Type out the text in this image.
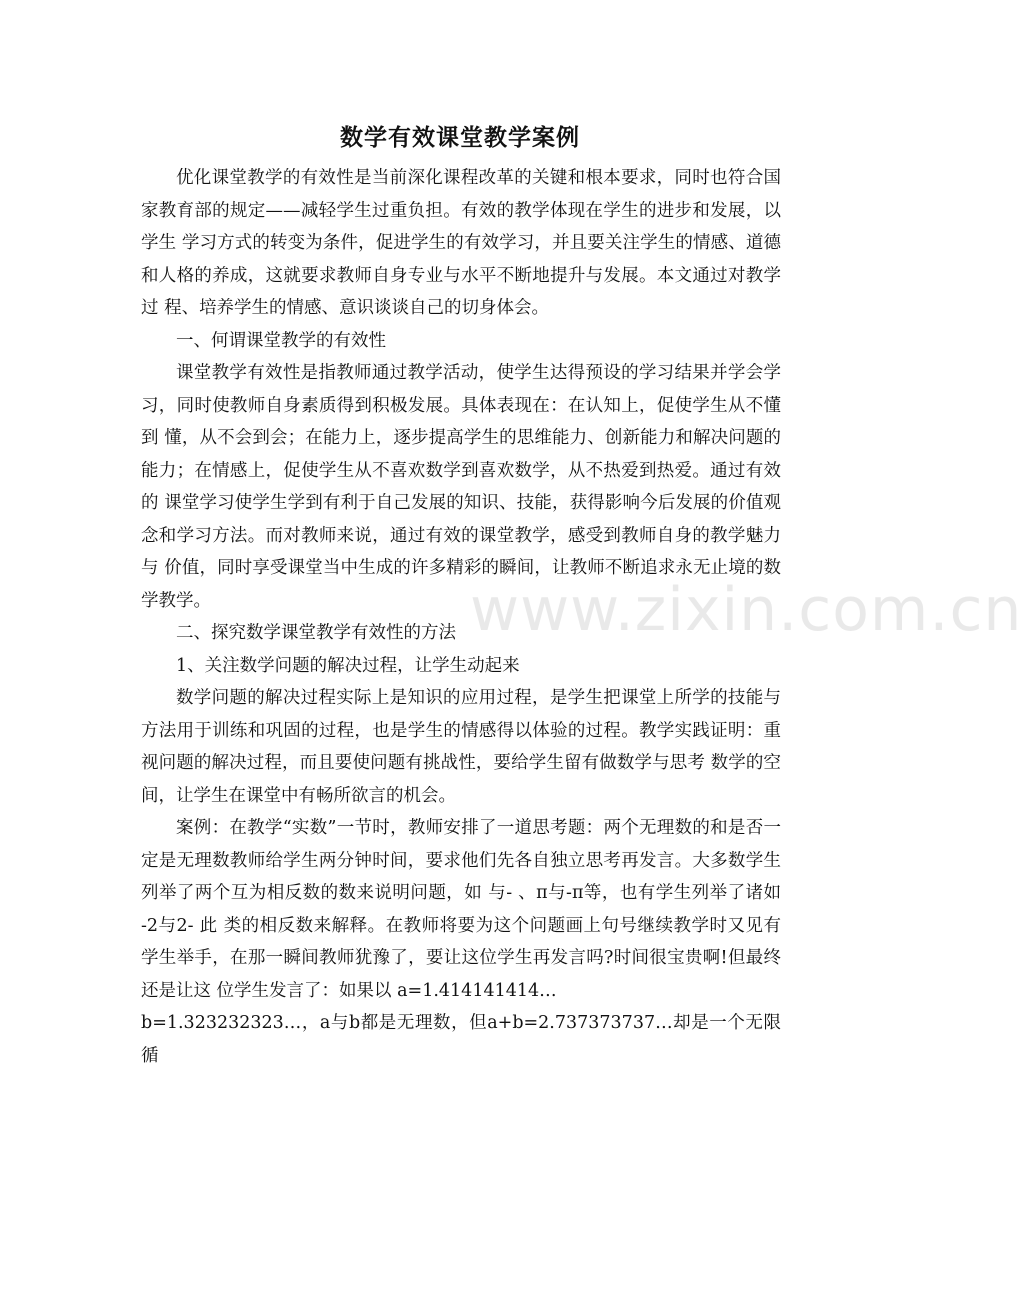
数学有效课堂教学案例

优化课堂教学的有效性是当前深化课程改革的关键和根本要求，同时也符合国家教育部的规定——减轻学生过重负担。有效的教学体现在学生的进步和发展，以学生 学习方式的转变为条件，促进学生的有效学习，并且要关注学生的情感、道德和人格的养成，这就要求教师自身专业与水平不断地提升与发展。本文通过对教学过 程、培养学生的情感、意识谈谈自己的切身体会。

一、何谓课堂教学的有效性

课堂教学有效性是指教师通过教学活动，使学生达得预设的学习结果并学会学习，同时使教师自身素质得到积极发展。具体表现在：在认知上，促使学生从不懂到 懂，从不会到会；在能力上，逐步提高学生的思维能力、创新能力和解决问题的能力；在情感上，促使学生从不喜欢数学到喜欢数学，从不热爱到热爱。通过有效的 课堂学习使学生学到有利于自己发展的知识、技能，获得影响今后发展的价值观念和学习方法。而对教师来说，通过有效的课堂教学，感受到教师自身的教学魅力与 价值，同时享受课堂当中生成的许多精彩的瞬间，让教师不断追求永无止境的数学教学。

二、探究数学课堂教学有效性的方法

1、关注数学问题的解决过程，让学生动起来

数学问题的解决过程实际上是知识的应用过程，是学生把课堂上所学的技能与方法用于训练和巩固的过程，也是学生的情感得以体验的过程。教学实践证明：重视问题的解决过程，而且要使问题有挑战性，要给学生留有做数学与思考 数学的空间，让学生在课堂中有畅所欲言的机会。

案例：在教学“实数”一节时，教师安排了一道思考题：两个无理数的和是否一定是无理数教师给学生两分钟时间，要求他们先各自独立思考再发言。大多数学生列举了两个互为相反数的数来说明问题，如 与- 、π与-π等，也有学生列举了诸如 -2与2- 此 类的相反数来解释。在教师将要为这个问题画上句号继续教学时又见有学生举手，在那一瞬间教师犹豫了，要让这位学生再发言吗?时间很宝贵啊!但最终还是让这 位学生发言了：如果以 a=1.414141414…

b=1.323232323…，a与b都是无理数，但a+b=2.737373737…却是一个无限循

www.zixin.com.cn
